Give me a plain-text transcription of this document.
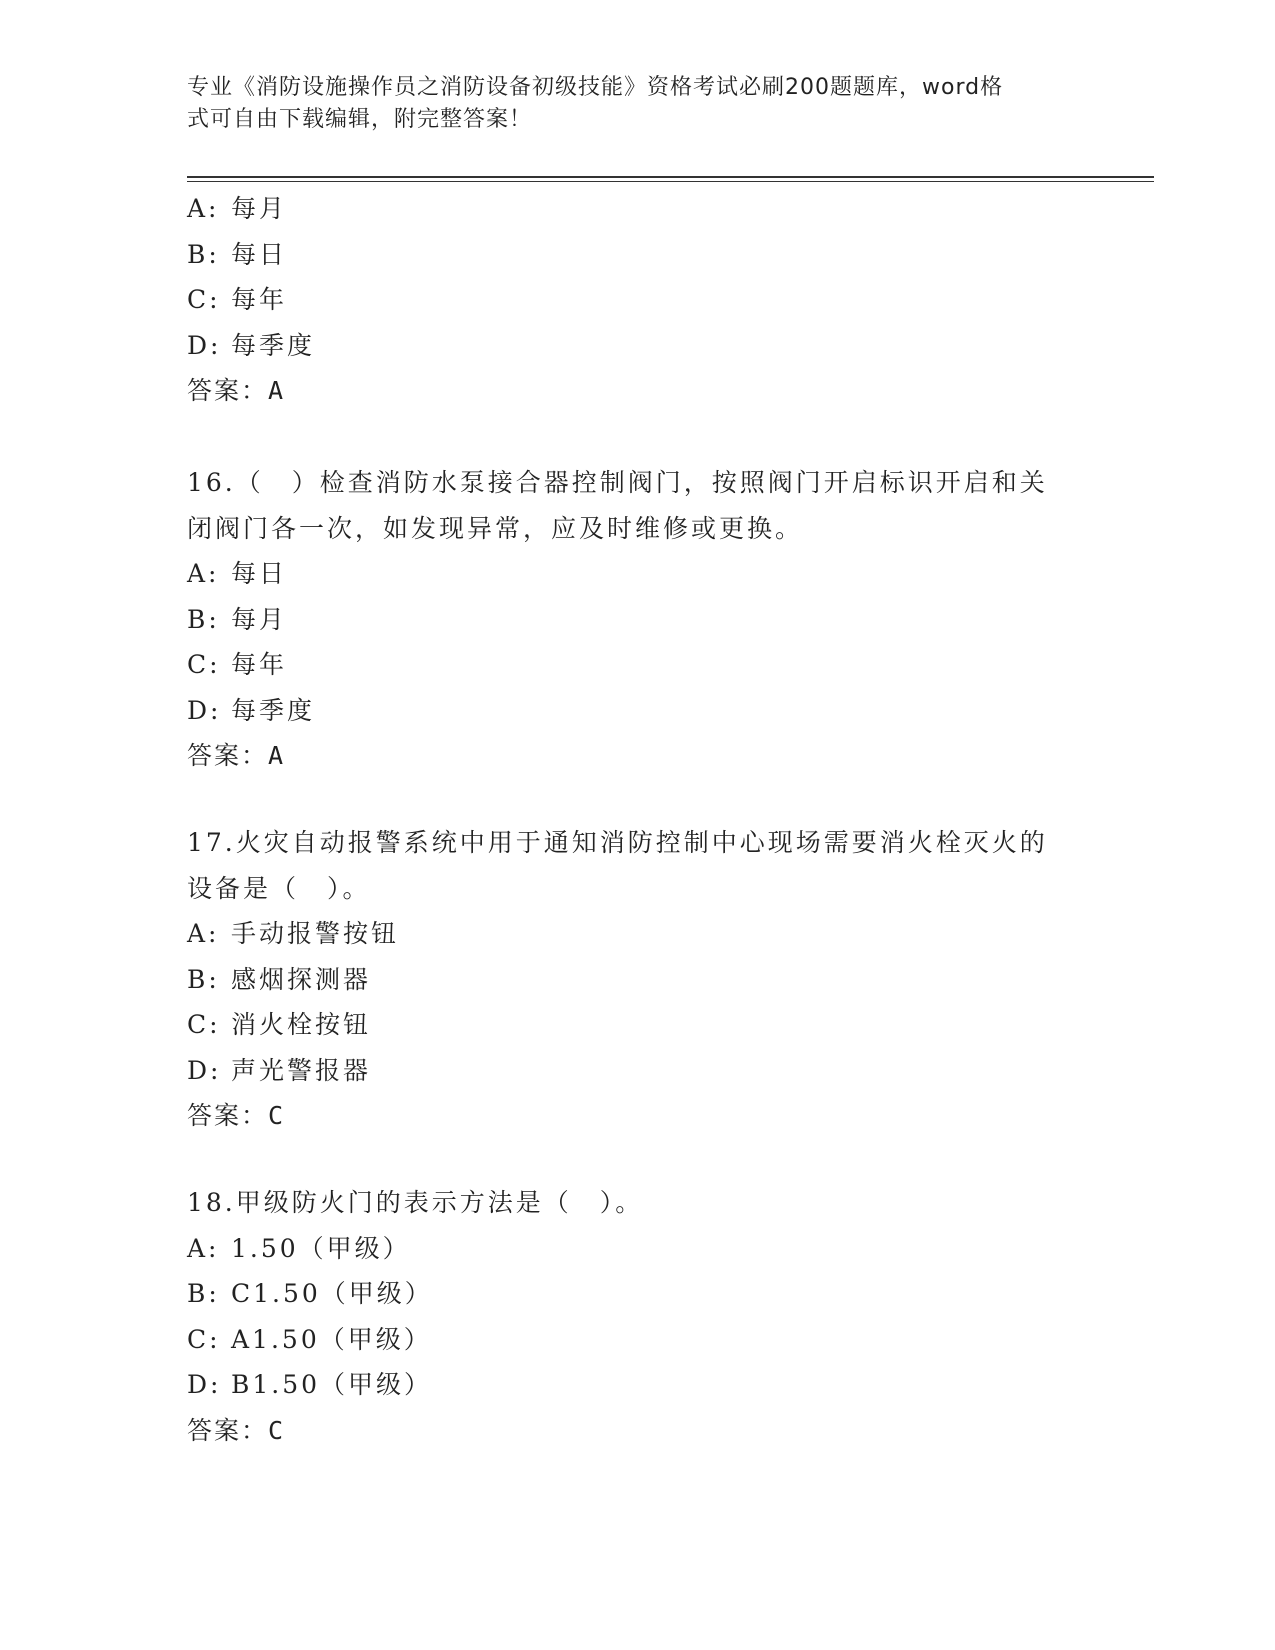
专业《消防设施操作员之消防设备初级技能》资格考试必刷200题题库，word格
式可自由下载编辑，附完整答案！
A: 每月
B: 每日
C: 每年
D: 每季度
答案：A
16.（　）检查消防水泵接合器控制阀门，按照阀门开启标识开启和关
闭阀门各一次，如发现异常，应及时维修或更换。
A: 每日
B: 每月
C: 每年
D: 每季度
答案：A
17.火灾自动报警系统中用于通知消防控制中心现场需要消火栓灭火的
设备是（　）。
A: 手动报警按钮
B: 感烟探测器
C: 消火栓按钮
D: 声光警报器
答案：C
18.甲级防火门的表示方法是（　）。
A: 1.50（甲级）
B: C1.50（甲级）
C: A1.50（甲级）
D: B1.50（甲级）
答案：C
